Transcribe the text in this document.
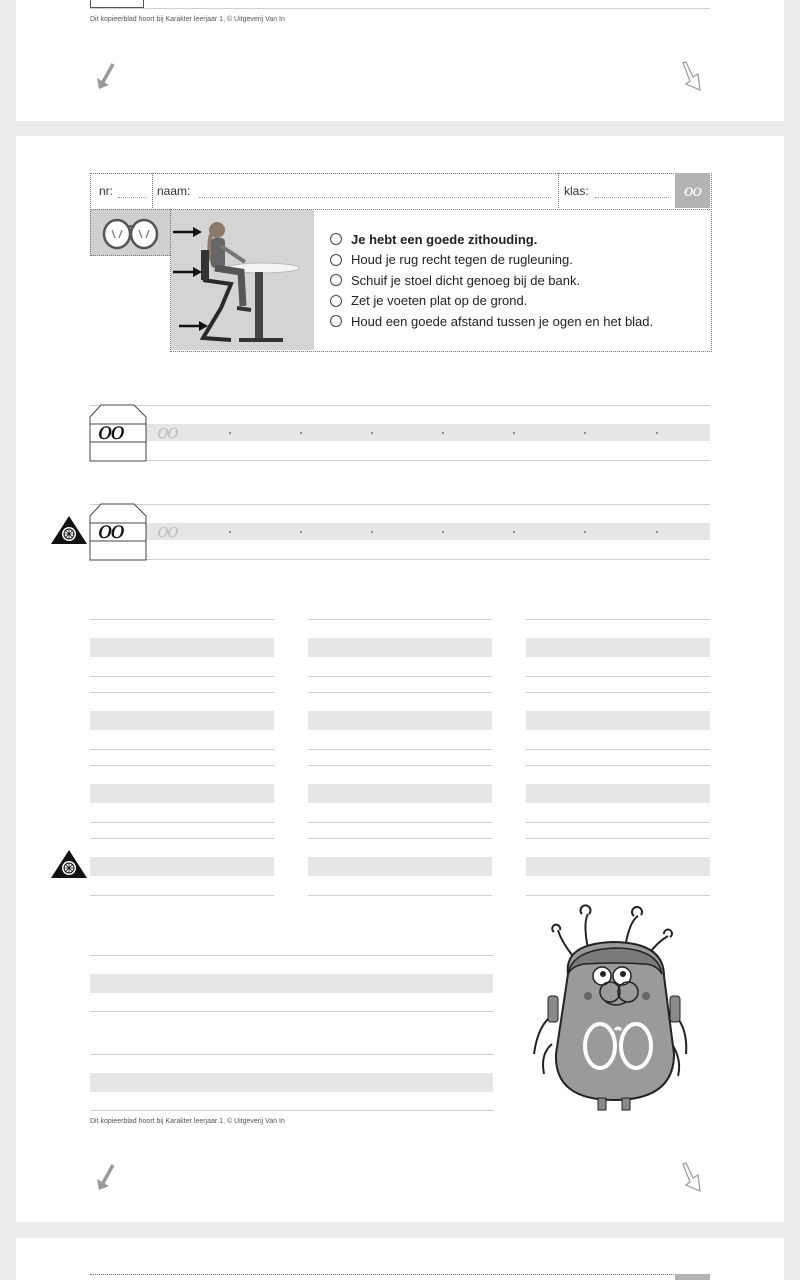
Dit kopieerblad hoort bij Karakter leerjaar 1, © Uitgeverij Van In
nr:	naam:	klas:	oo
Je hebt een goede zithouding.
Houd je rug recht tegen de rugleuning.
Schuif je stoel dicht genoeg bij de bank.
Zet je voeten plat op de grond.
Houd een goede afstand tussen je ogen en het blad.
oo oo
oo oo
Dit kopieerblad hoort bij Karakter leerjaar 1, © Uitgeverij Van In
